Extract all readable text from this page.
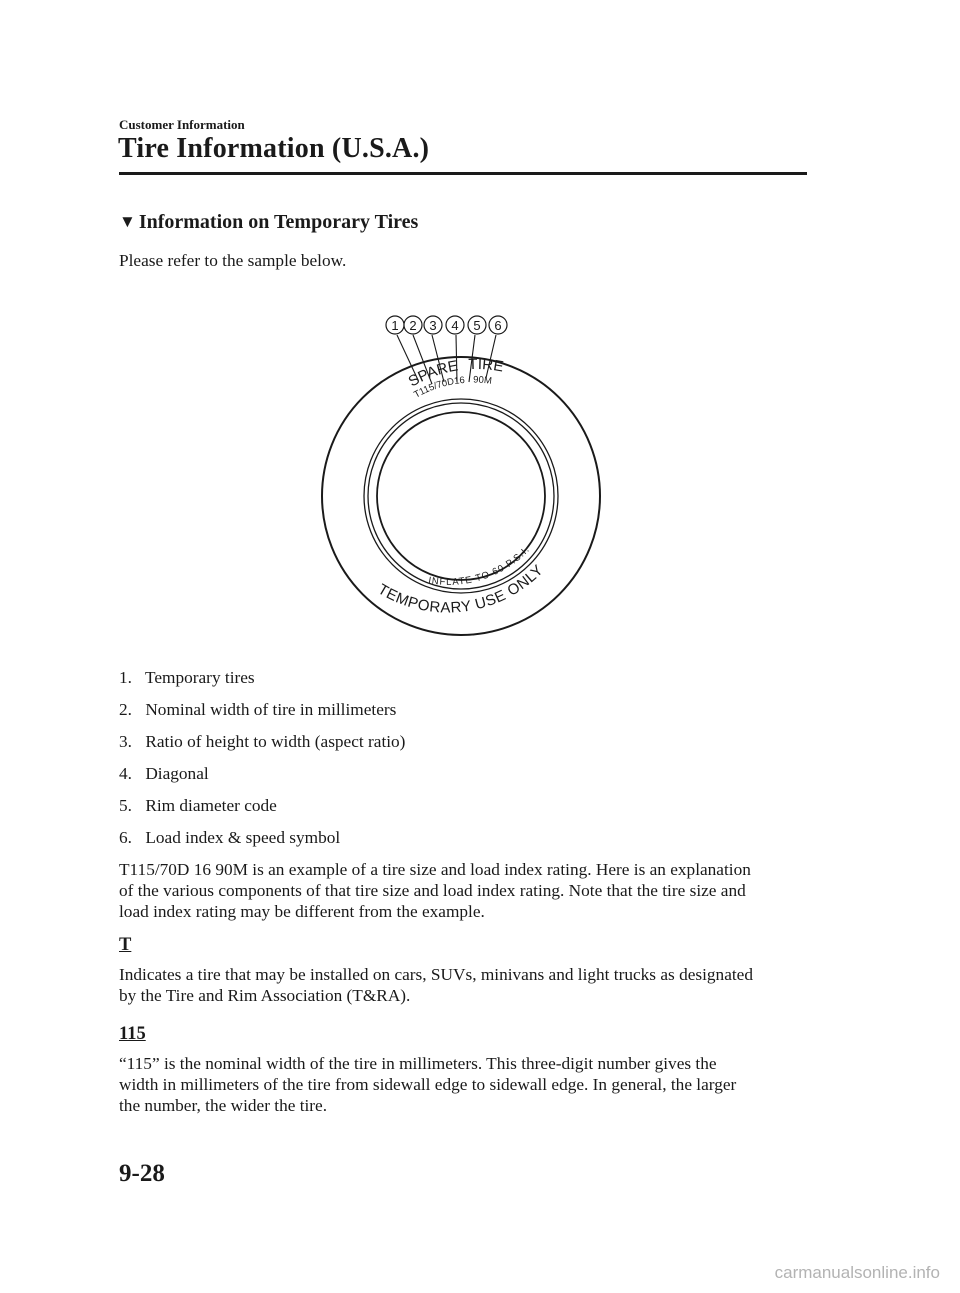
Customer Information
Tire Information (U.S.A.)
▼ Information on Temporary Tires
Please refer to the sample below.
1 2 3 4 5 6
SPARE TIRE
T115/70D16 90M
TEMPORARY USE ONLY
INFLATE TO 60 P.S.I.
1. Temporary tires
2. Nominal width of tire in millimeters
3. Ratio of height to width (aspect ratio)
4. Diagonal
5. Rim diameter code
6. Load index & speed symbol
T115/70D 16 90M is an example of a tire size and load index rating. Here is an explanation
of the various components of that tire size and load index rating. Note that the tire size and
load index rating may be different from the example.
T
Indicates a tire that may be installed on cars, SUVs, minivans and light trucks as designated
by the Tire and Rim Association (T&RA).
115
“115” is the nominal width of the tire in millimeters. This three-digit number gives the
width in millimeters of the tire from sidewall edge to sidewall edge. In general, the larger
the number, the wider the tire.
9-28
carmanualsonline.info
